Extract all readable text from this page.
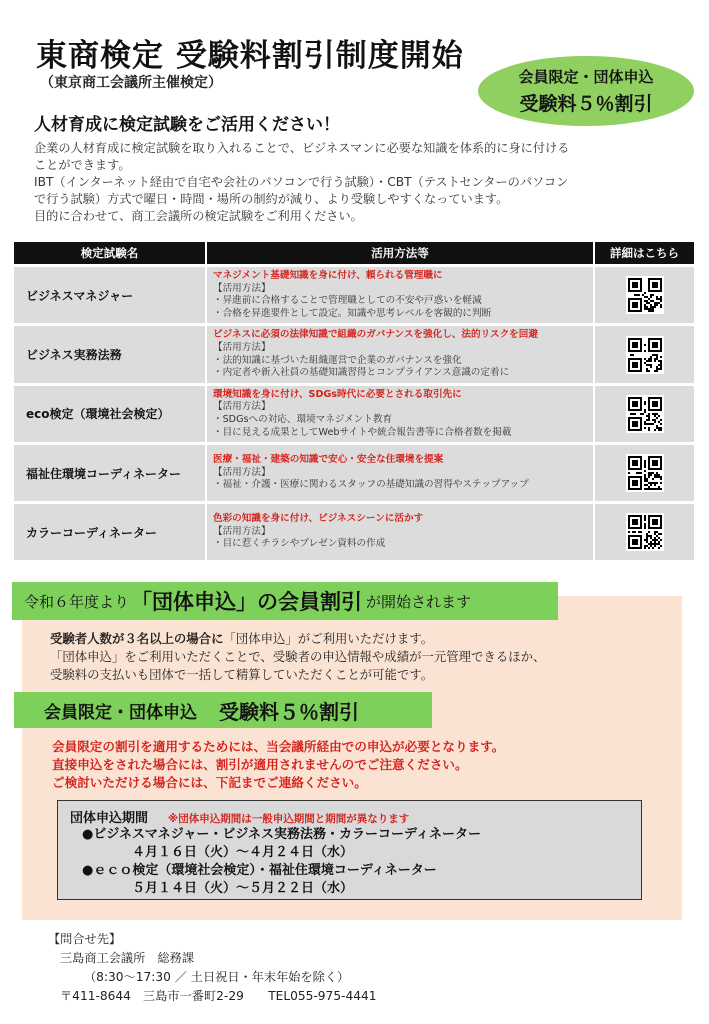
東商検定 受験料割引制度開始
（東京商工会議所主催検定）	会員限定・団体申込
受験料５％割引
人材育成に検定試験をご活用ください！

企業の人材育成に検定試験を取り入れることで、ビジネスマンに必要な知識を体系的に身に付ける

ことができます。

IBT（インターネット経由で自宅や会社のパソコンで行う試験）・CBT（テストセンターのパソコン

で行う試験）方式で曜日・時間・場所の制約が減り、より受験しやすくなっています。

目的に合わせて、商工会議所の検定試験をご利用ください。

検定試験名	活用方法等	詳細はこちら
ビジネスマネジャー	マネジメント基礎知識を身に付け、頼られる管理職に
【活用方法】
・昇進前に合格することで管理職としての不安や戸惑いを軽減
・合格を昇進要件として設定。知識や思考レベルを客観的に判断

ビジネス実務法務	ビジネスに必須の法律知識で組織のガバナンスを強化し、法的リスクを回避
【活用方法】
・法的知識に基づいた組織運営で企業のガバナンスを強化
・内定者や新入社員の基礎知識習得とコンプライアンス意識の定着に

eco検定（環境社会検定）	環境知識を身に付け、SDGs時代に必要とされる取引先に
【活用方法】
・SDGsへの対応、環境マネジメント教育
・目に見える成果としてWebサイトや統合報告書等に合格者数を掲載

福祉住環境コーディネーター	医療・福祉・建築の知識で安心・安全な住環境を提案
【活用方法】
・福祉・介護・医療に関わるスタッフの基礎知識の習得やステップアップ

カラーコーディネーター	色彩の知識を身に付け、ビジネスシーンに活かす
【活用方法】
・目に惹くチラシやプレゼン資料の作成

令和６年度より 「団体申込」の会員割引 が開始されます
受験者人数が３名以上の場合に「団体申込」がご利用いただけます。
「団体申込」をご利用いただくことで、受験者の申込情報や成績が一元管理できるほか、
受験料の支払いも団体で一括して精算していただくことが可能です。
会員限定・団体申込 受験料５％割引
会員限定の割引を適用するためには、当会議所経由での申込が必要となります。
直接申込をされた場合には、割引が適用されませんのでご注意ください。
ご検討いただける場合には、下記までご連絡ください。
団体申込期間 ※団体申込期間は一般申込期間と期間が異なります
●ビジネスマネジャー・ビジネス実務法務・カラーコーディネーター
４月１６日（火）～４月２４日（水）
●ｅｃｏ検定（環境社会検定）・福祉住環境コーディネーター
５月１４日（火）～５月２２日（水）
【問合せ先】
三島商工会議所　総務課
（8:30～17:30 ／ 土日祝日・年末年始を除く）
〒411-8644　三島市一番町2-29　　TEL055-975-4441
